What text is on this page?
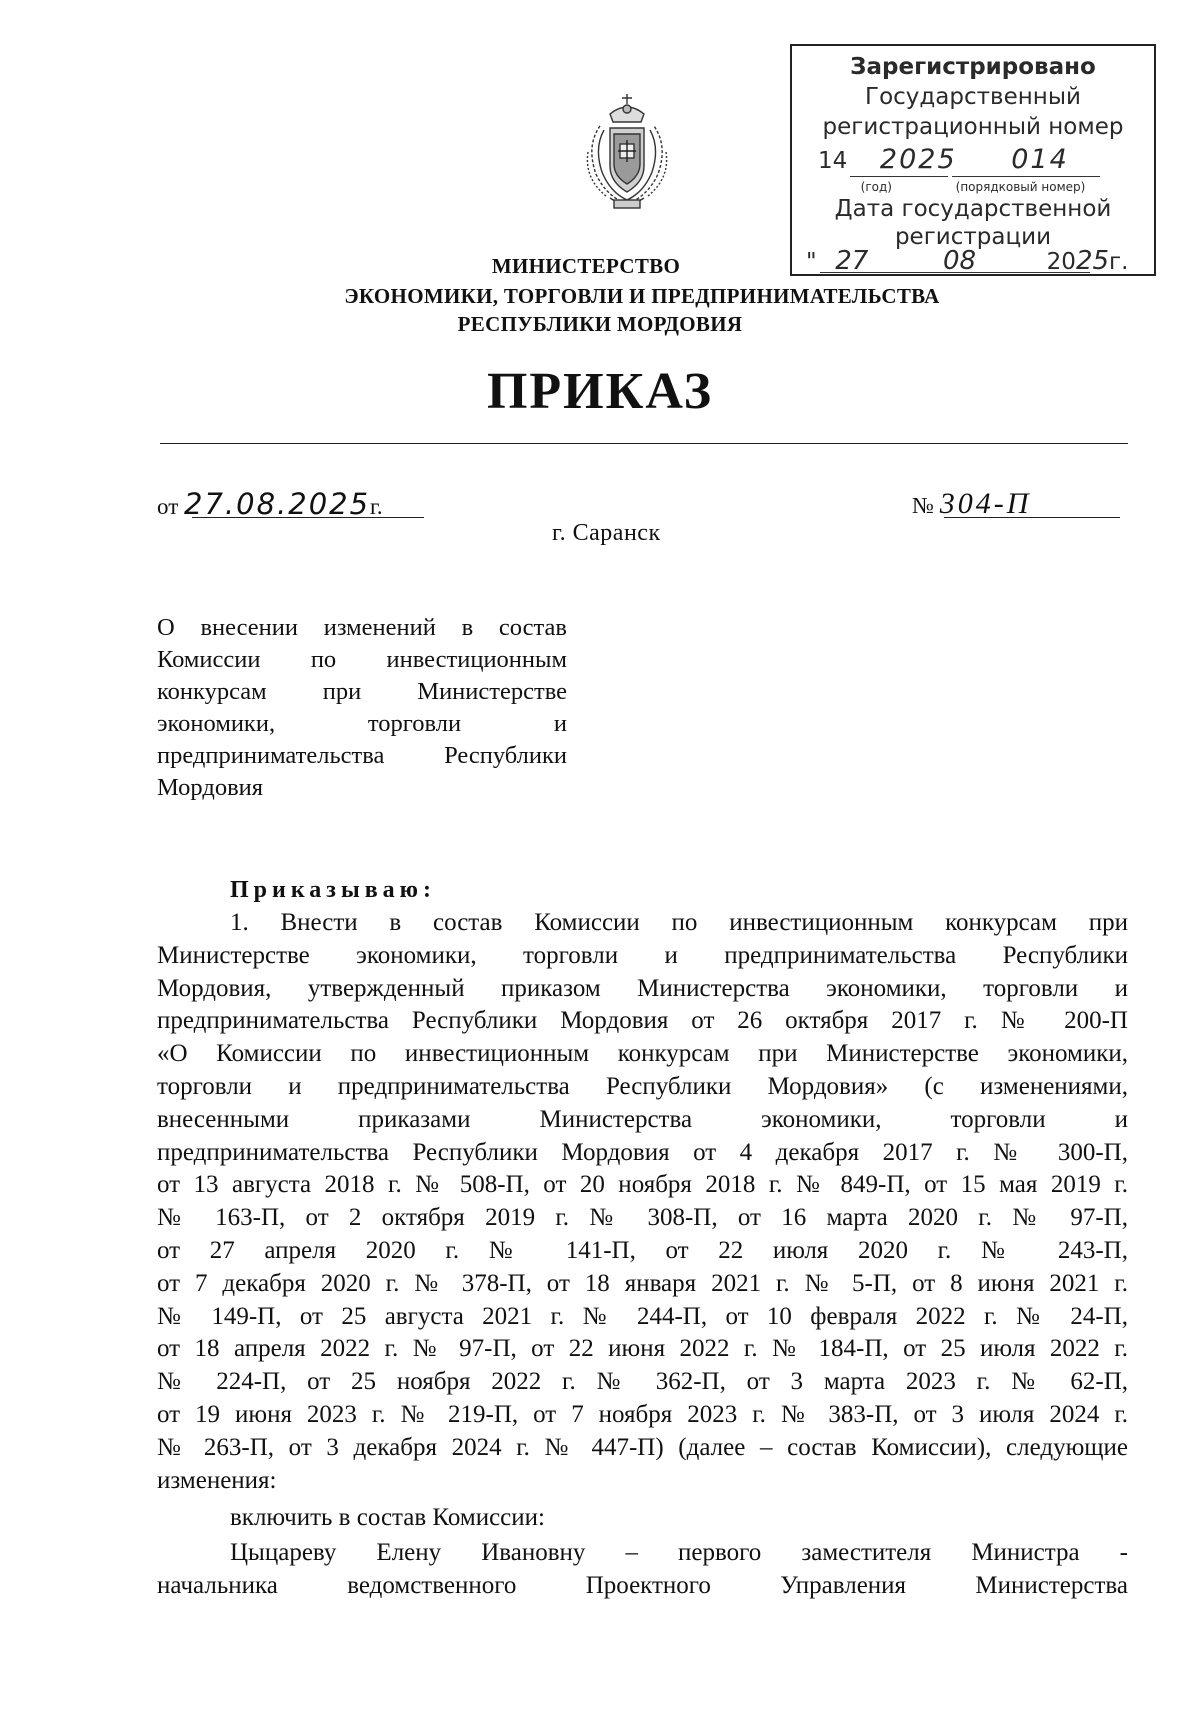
Зарегистрировано
Государственный
регистрационный номер
14 2025 014
(год)	(порядковый номер)
Дата государственной
регистрации
" 27	08	2025г.
МИНИСТЕРСТВО
ЭКОНОМИКИ, ТОРГОВЛИ И ПРЕДПРИНИМАТЕЛЬСТВА
РЕСПУБЛИКИ МОРДОВИЯ
ПРИКАЗ
от 27.08.2025г.	№ 304-П
г. Саранск
О внесении изменений в состав
Комиссии по инвестиционным
конкурсам при Министерстве
экономики, торговли и
предпринимательства Республики
Мордовия
Приказываю:
1. Внести в состав Комиссии по инвестиционным конкурсам при
Министерстве экономики, торговли и предпринимательства Республики
Мордовия, утвержденный приказом Министерства экономики, торговли и
предпринимательства Республики Мордовия от 26 октября 2017 г. № 200-П
«О Комиссии по инвестиционным конкурсам при Министерстве экономики,
торговли и предпринимательства Республики Мордовия» (с изменениями,
внесенными приказами Министерства экономики, торговли и
предпринимательства Республики Мордовия от 4 декабря 2017 г. № 300-П,
от 13 августа 2018 г. № 508-П, от 20 ноября 2018 г. № 849-П, от 15 мая 2019 г.
№ 163-П, от 2 октября 2019 г. № 308-П, от 16 марта 2020 г. № 97-П,
от 27 апреля 2020 г. № 141-П, от 22 июля 2020 г. № 243-П,
от 7 декабря 2020 г. № 378-П, от 18 января 2021 г. № 5-П, от 8 июня 2021 г.
№ 149-П, от 25 августа 2021 г. № 244-П, от 10 февраля 2022 г. № 24-П,
от 18 апреля 2022 г. № 97-П, от 22 июня 2022 г. № 184-П, от 25 июля 2022 г.
№ 224-П, от 25 ноября 2022 г. № 362-П, от 3 марта 2023 г. № 62-П,
от 19 июня 2023 г. № 219-П, от 7 ноября 2023 г. № 383-П, от 3 июля 2024 г.
№ 263-П, от 3 декабря 2024 г. № 447-П) (далее – состав Комиссии), следующие
изменения:
включить в состав Комиссии:
Цыцареву Елену Ивановну – первого заместителя Министра -
начальника ведомственного Проектного Управления Министерства
